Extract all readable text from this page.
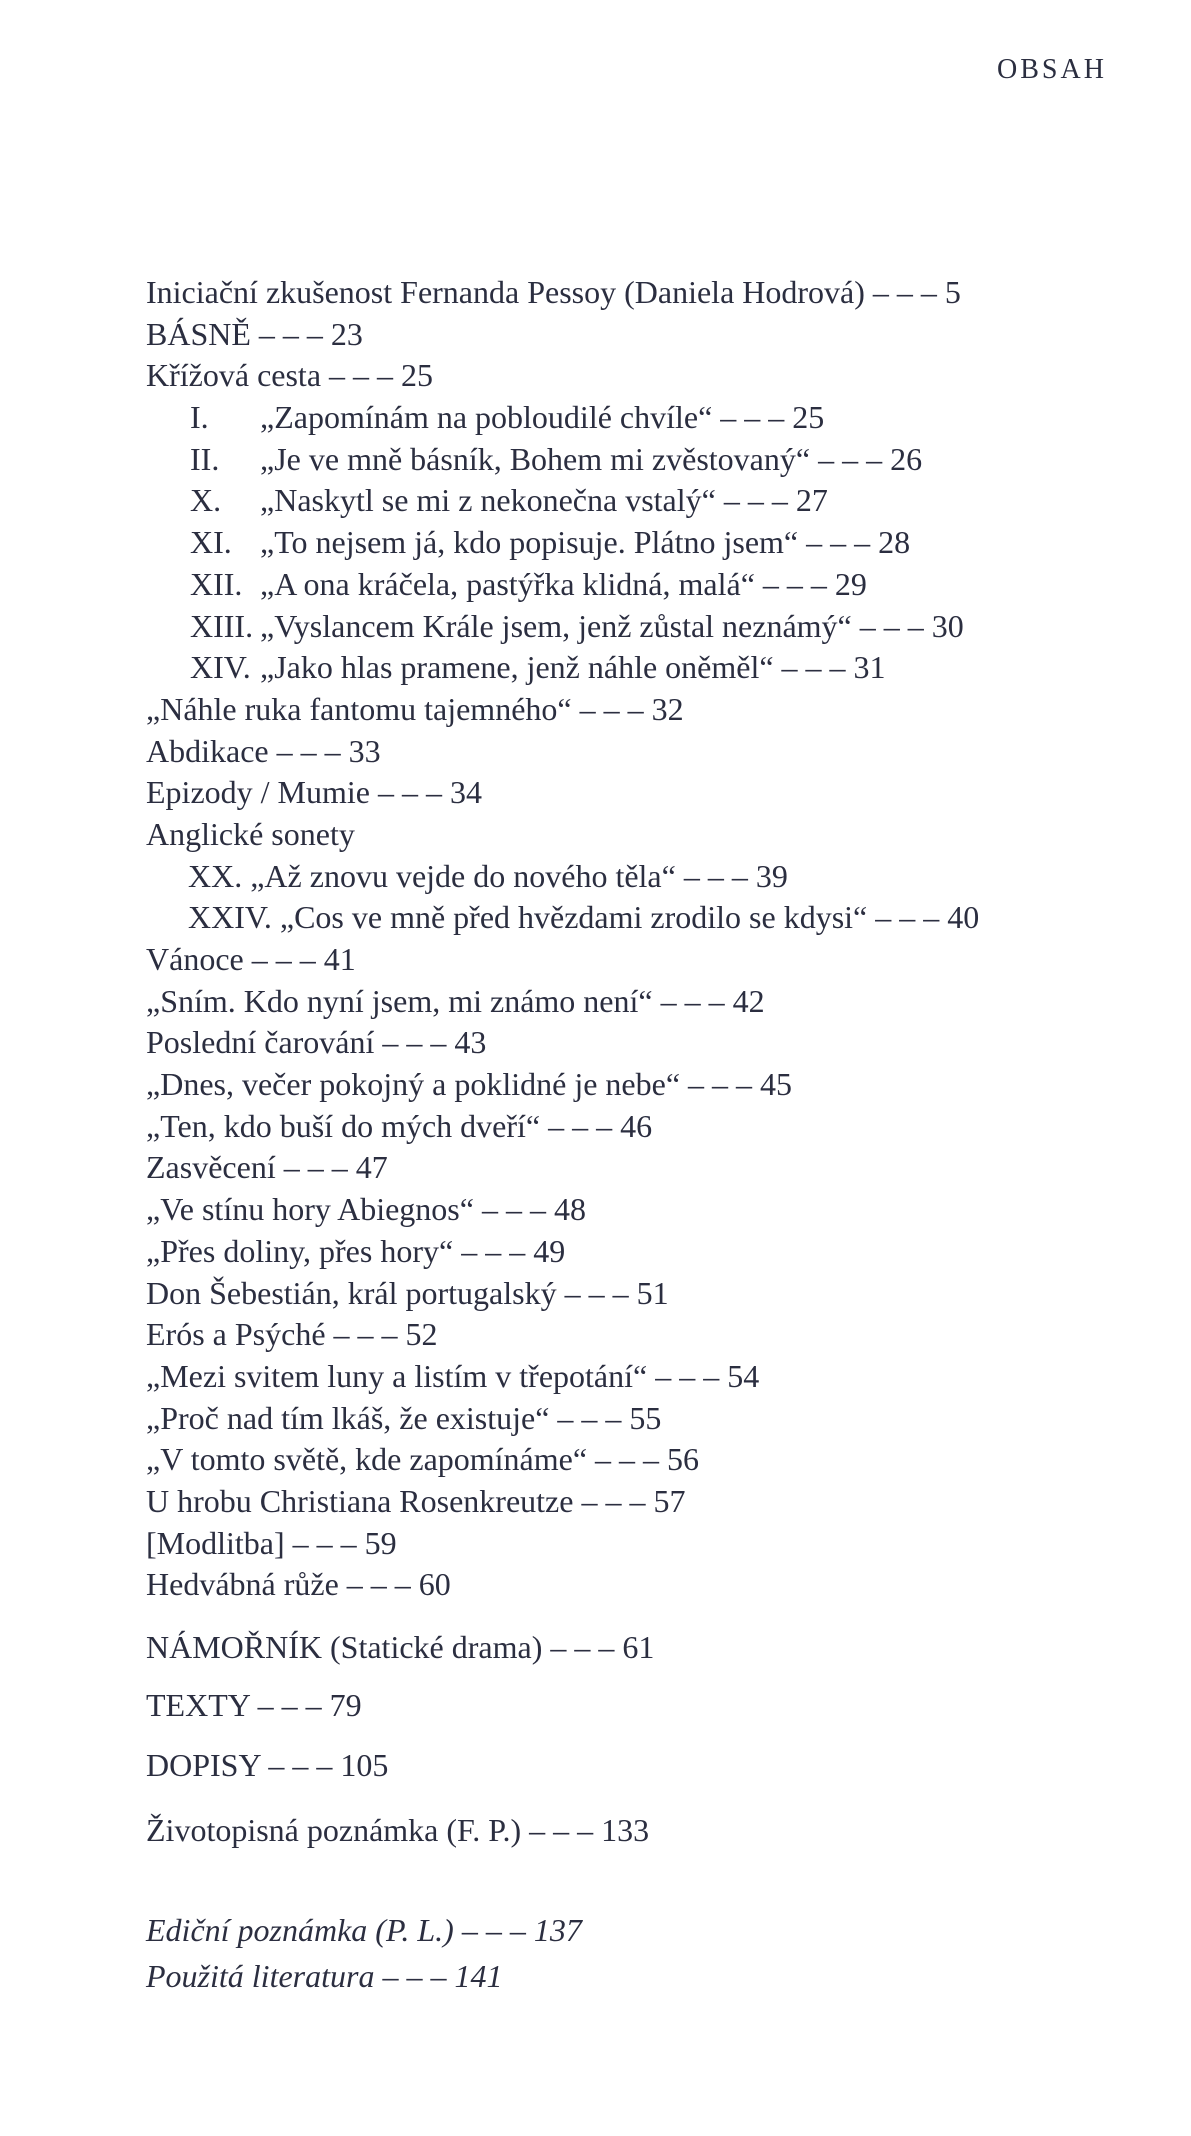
OBSAH
Iniciační zkušenost Fernanda Pessoy (Daniela Hodrová) – – – 5
BÁSNĚ – – – 23
Křížová cesta – – – 25
I. „Zapomínám na pobloudilé chvíle“ – – – 25
II. „Je ve mně básník, Bohem mi zvěstovaný“ – – – 26
X. „Naskytl se mi z nekonečna vstalý“ – – – 27
XI. „To nejsem já, kdo popisuje. Plátno jsem“ – – – 28
XII. „A ona kráčela, pastýřka klidná, malá“ – – – 29
XIII. „Vyslancem Krále jsem, jenž zůstal neznámý“ – – – 30
XIV. „Jako hlas pramene, jenž náhle oněměl“ – – – 31
„Náhle ruka fantomu tajemného“ – – – 32
Abdikace – – – 33
Epizody / Mumie – – – 34
Anglické sonety
XX. „Až znovu vejde do nového těla“ – – – 39
XXIV. „Cos ve mně před hvězdami zrodilo se kdysi“ – – – 40
Vánoce – – – 41
„Sním. Kdo nyní jsem, mi známo není“ – – – 42
Poslední čarování – – – 43
„Dnes, večer pokojný a poklidné je nebe“ – – – 45
„Ten, kdo buší do mých dveří“ – – – 46
Zasvěcení – – – 47
„Ve stínu hory Abiegnos“ – – – 48
„Přes doliny, přes hory“ – – – 49
Don Šebestián, král portugalský – – – 51
Erós a Psýché – – – 52
„Mezi svitem luny a listím v třepotání“ – – – 54
„Proč nad tím lkáš, že existuje“ – – – 55
„V tomto světě, kde zapomínáme“ – – – 56
U hrobu Christiana Rosenkreutze – – – 57
[Modlitba] – – – 59
Hedvábná růže – – – 60
NÁMOŘNÍK (Statické drama) – – – 61
TEXTY – – – 79
DOPISY – – – 105
Životopisná poznámka (F. P.) – – – 133
Ediční poznámka (P. L.) – – – 137
Použitá literatura – – – 141
